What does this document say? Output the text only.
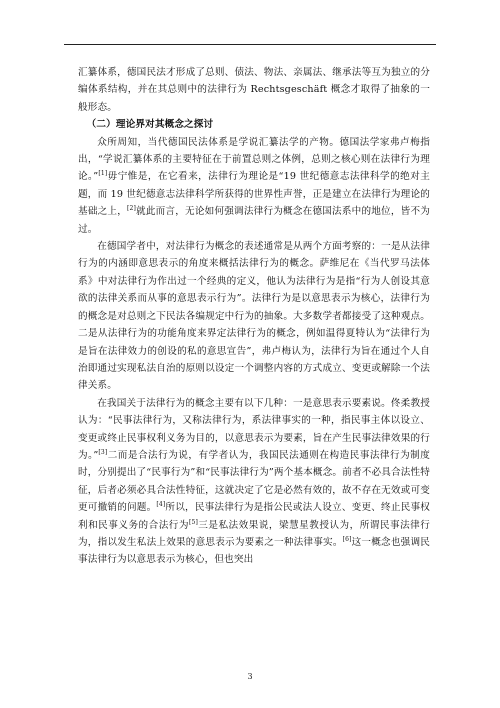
汇纂体系，德国民法才形成了总则、债法、物法、亲属法、继承法等互为独立的分编体系结构，并在其总则中的法律行为 Rechtsgeschäft 概念才取得了抽象的一般形态。

（二）理论界对其概念之探讨

众所周知，当代德国民法体系是学说汇纂法学的产物。德国法学家弗卢梅指出，“学说汇纂体系的主要特征在于前置总则之体例，总则之核心则在法律行为理论。”[1]毋宁惟是，在它看来，法律行为理论是“19 世纪德意志法律科学的绝对主题，而 19 世纪德意志法律科学所获得的世界性声誉，正是建立在法律行为理论的基础之上，[2]就此而言，无论如何强调法律行为概念在德国法系中的地位，皆不为过。

在德国学者中，对法律行为概念的表述通常是从两个方面考察的：一是从法律行为的内涵即意思表示的角度来概括法律行为的概念。萨维尼在《当代罗马法体系》中对法律行为作出过一个经典的定义，他认为法律行为是指“行为人创设其意欲的法律关系而从事的意思表示行为”。法律行为是以意思表示为核心，法律行为的概念是对总则之下民法各编规定中行为的抽象。大多数学者都接受了这种观点。二是从法律行为的功能角度来界定法律行为的概念，例如温得夏特认为“法律行为是旨在法律效力的创设的私的意思宣告”，弗卢梅认为，法律行为旨在通过个人自治即通过实现私法自治的原则以设定一个调整内容的方式成立、变更或解除一个法律关系。

在我国关于法律行为的概念主要有以下几种：一是意思表示要素说。佟柔教授认为：“民事法律行为，又称法律行为，系法律事实的一种，指民事主体以设立、变更或终止民事权利义务为目的，以意思表示为要素，旨在产生民事法律效果的行为。”[3]二而是合法行为说，有学者认为，我国民法通则在构造民事法律行为制度时，分别提出了“民事行为”和“民事法律行为”两个基本概念。前者不必具合法性特征，后者必须必具合法性特征，这就决定了它是必然有效的，故不存在无效或可变更可撤销的问题。[4]所以，民事法律行为是指公民或法人设立、变更、终止民事权利和民事义务的合法行为[5]三是私法效果说，梁慧星教授认为，所谓民事法律行为，指以发生私法上效果的意思表示为要素之一种法律事实。[6]这一概念也强调民事法律行为以意思表示为核心，但也突出

3
